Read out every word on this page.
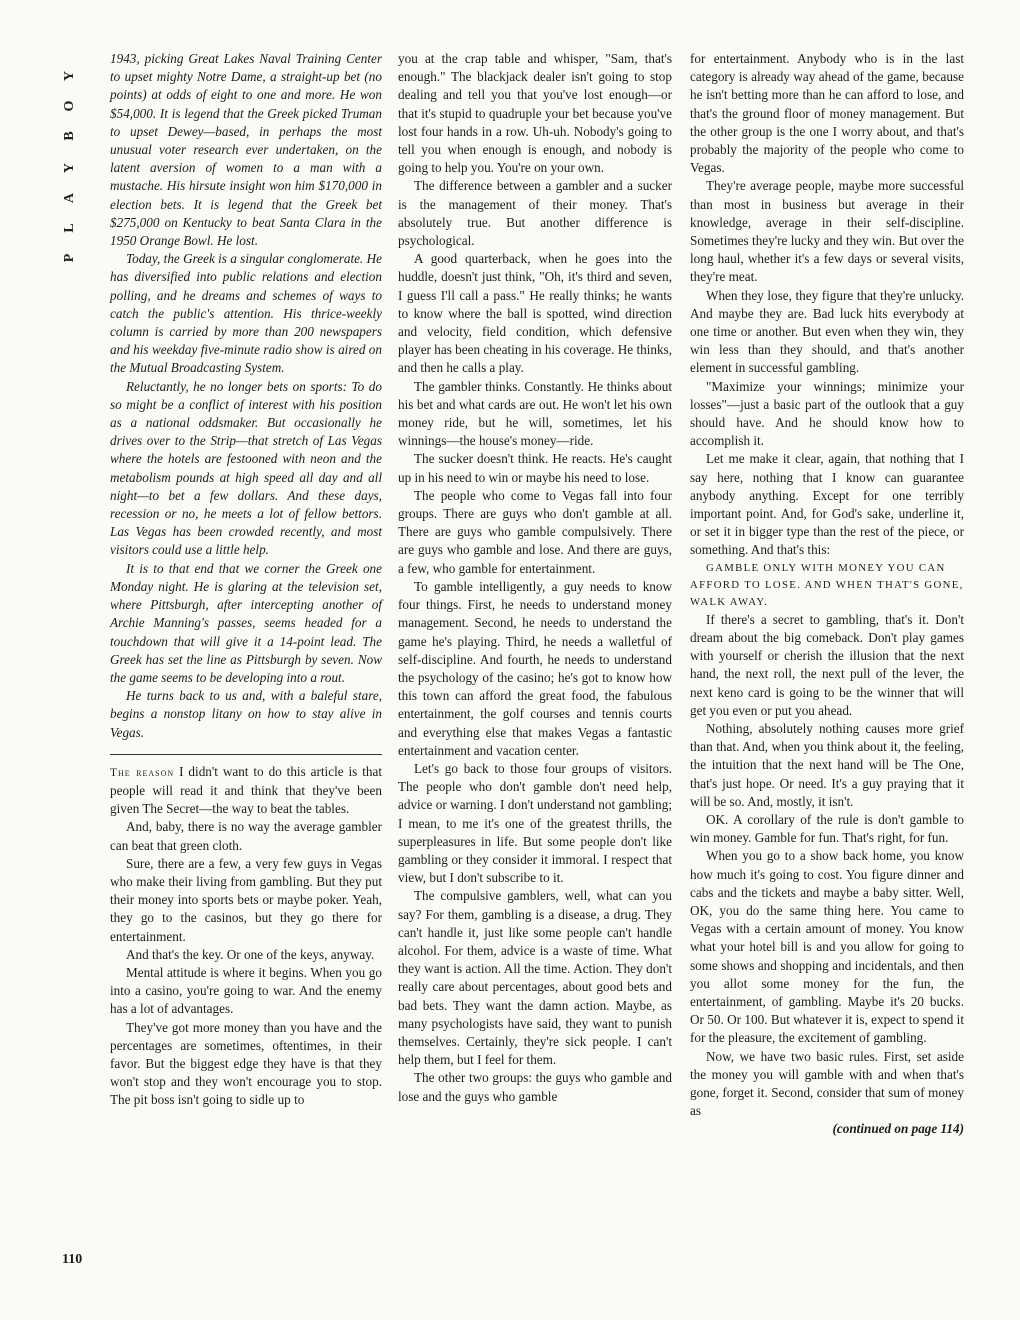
P
L
A
Y
B
O
Y
110

1943, picking Great Lakes Naval Training Center to upset mighty Notre Dame, a straight-up bet (no points) at odds of eight to one and more. He won $54,000. It is legend that the Greek picked Truman to upset Dewey—based, in perhaps the most unusual voter research ever undertaken, on the latent aversion of women to a man with a mustache. His hirsute insight won him $170,000 in election bets. It is legend that the Greek bet $275,000 on Kentucky to beat Santa Clara in the 1950 Orange Bowl. He lost.

Today, the Greek is a singular conglomerate. He has diversified into public relations and election polling, and he dreams and schemes of ways to catch the public's attention. His thrice-weekly column is carried by more than 200 newspapers and his weekday five-minute radio show is aired on the Mutual Broadcasting System.

Reluctantly, he no longer bets on sports: To do so might be a conflict of interest with his position as a national oddsmaker. But occasionally he drives over to the Strip—that stretch of Las Vegas where the hotels are festooned with neon and the metabolism pounds at high speed all day and all night—to bet a few dollars. And these days, recession or no, he meets a lot of fellow bettors. Las Vegas has been crowded recently, and most visitors could use a little help.

It is to that end that we corner the Greek one Monday night. He is glaring at the television set, where Pittsburgh, after intercepting another of Archie Manning's passes, seems headed for a touchdown that will give it a 14-point lead. The Greek has set the line as Pittsburgh by seven. Now the game seems to be developing into a rout.

He turns back to us and, with a baleful stare, begins a nonstop litany on how to stay alive in Vegas.

The reason I didn't want to do this article is that people will read it and think that they've been given The Secret—the way to beat the tables.

And, baby, there is no way the average gambler can beat that green cloth.

Sure, there are a few, a very few guys in Vegas who make their living from gambling. But they put their money into sports bets or maybe poker. Yeah, they go to the casinos, but they go there for entertainment.

And that's the key. Or one of the keys, anyway.

Mental attitude is where it begins. When you go into a casino, you're going to war. And the enemy has a lot of advantages.

They've got more money than you have and the percentages are sometimes, oftentimes, in their favor. But the biggest edge they have is that they won't stop and they won't encourage you to stop. The pit boss isn't going to sidle up to

you at the crap table and whisper, "Sam, that's enough." The blackjack dealer isn't going to stop dealing and tell you that you've lost enough—or that it's stupid to quadruple your bet because you've lost four hands in a row. Uh-uh. Nobody's going to tell you when enough is enough, and nobody is going to help you. You're on your own.

The difference between a gambler and a sucker is the management of their money. That's absolutely true. But another difference is psychological.

A good quarterback, when he goes into the huddle, doesn't just think, "Oh, it's third and seven, I guess I'll call a pass." He really thinks; he wants to know where the ball is spotted, wind direction and velocity, field condition, which defensive player has been cheating in his coverage. He thinks, and then he calls a play.

The gambler thinks. Constantly. He thinks about his bet and what cards are out. He won't let his own money ride, but he will, sometimes, let his winnings—the house's money—ride.

The sucker doesn't think. He reacts. He's caught up in his need to win or maybe his need to lose.

The people who come to Vegas fall into four groups. There are guys who don't gamble at all. There are guys who gamble compulsively. There are guys who gamble and lose. And there are guys, a few, who gamble for entertainment.

To gamble intelligently, a guy needs to know four things. First, he needs to understand money management. Second, he needs to understand the game he's playing. Third, he needs a walletful of self-discipline. And fourth, he needs to understand the psychology of the casino; he's got to know how this town can afford the great food, the fabulous entertainment, the golf courses and tennis courts and everything else that makes Vegas a fantastic entertainment and vacation center.

Let's go back to those four groups of visitors. The people who don't gamble don't need help, advice or warning. I don't understand not gambling; I mean, to me it's one of the greatest thrills, the superpleasures in life. But some people don't like gambling or they consider it immoral. I respect that view, but I don't subscribe to it.

The compulsive gamblers, well, what can you say? For them, gambling is a disease, a drug. They can't handle it, just like some people can't handle alcohol. For them, advice is a waste of time. What they want is action. All the time. Action. They don't really care about percentages, about good bets and bad bets. They want the damn action. Maybe, as many psychologists have said, they want to punish themselves. Certainly, they're sick people. I can't help them, but I feel for them.

The other two groups: the guys who gamble and lose and the guys who gamble

for entertainment. Anybody who is in the last category is already way ahead of the game, because he isn't betting more than he can afford to lose, and that's the ground floor of money management. But the other group is the one I worry about, and that's probably the majority of the people who come to Vegas.

They're average people, maybe more successful than most in business but average in their knowledge, average in their self-discipline. Sometimes they're lucky and they win. But over the long haul, whether it's a few days or several visits, they're meat.

When they lose, they figure that they're unlucky. And maybe they are. Bad luck hits everybody at one time or another. But even when they win, they win less than they should, and that's another element in successful gambling.

"Maximize your winnings; minimize your losses"—just a basic part of the outlook that a guy should have. And he should know how to accomplish it.

Let me make it clear, again, that nothing that I say here, nothing that I know can guarantee anybody anything. Except for one terribly important point. And, for God's sake, underline it, or set it in bigger type than the rest of the piece, or something. And that's this:

GAMBLE ONLY WITH MONEY YOU CAN AFFORD TO LOSE. AND WHEN THAT'S GONE, WALK AWAY.

If there's a secret to gambling, that's it. Don't dream about the big comeback. Don't play games with yourself or cherish the illusion that the next hand, the next roll, the next pull of the lever, the next keno card is going to be the winner that will get you even or put you ahead.

Nothing, absolutely nothing causes more grief than that. And, when you think about it, the feeling, the intuition that the next hand will be The One, that's just hope. Or need. It's a guy praying that it will be so. And, mostly, it isn't.

OK. A corollary of the rule is don't gamble to win money. Gamble for fun. That's right, for fun.

When you go to a show back home, you know how much it's going to cost. You figure dinner and cabs and the tickets and maybe a baby sitter. Well, OK, you do the same thing here. You came to Vegas with a certain amount of money. You know what your hotel bill is and you allow for going to some shows and shopping and incidentals, and then you allot some money for the fun, the entertainment, of gambling. Maybe it's 20 bucks. Or 50. Or 100. But whatever it is, expect to spend it for the pleasure, the excitement of gambling.

Now, we have two basic rules. First, set aside the money you will gamble with and when that's gone, forget it. Second, consider that sum of money as

(continued on page 114)
